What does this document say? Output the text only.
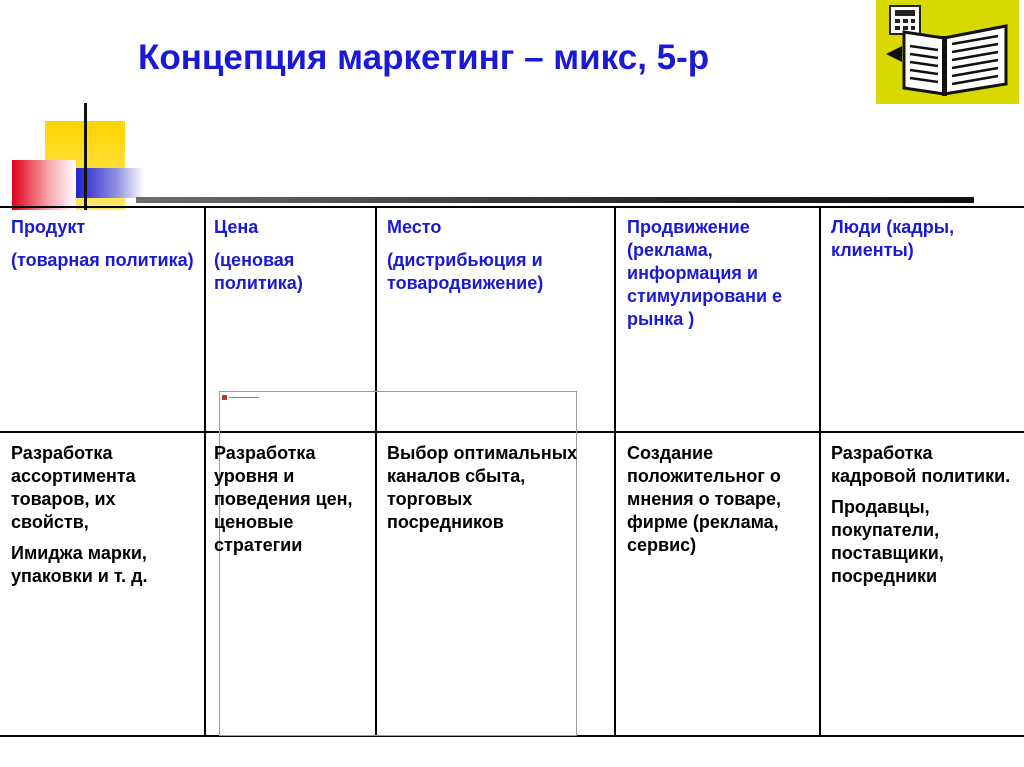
Концепция маркетинг – микс, 5-р

Продукт

(товарная политика)

Цена

(ценовая политика)

Место

(дистрибьюция и товародвижение)

Продвижение (реклама, информация и стимулировани е рынка )

Люди (кадры, клиенты)

Разработка ассортимента товаров, их свойств,

Имиджа марки, упаковки и т. д.

Разработка уровня и поведения цен, ценовые стратегии

Выбор оптимальных каналов сбыта, торговых посредников

Создание положительног о мнения о товаре, фирме (реклама, сервис)

Разработка кадровой политики.

Продавцы, покупатели, поставщики, посредники
